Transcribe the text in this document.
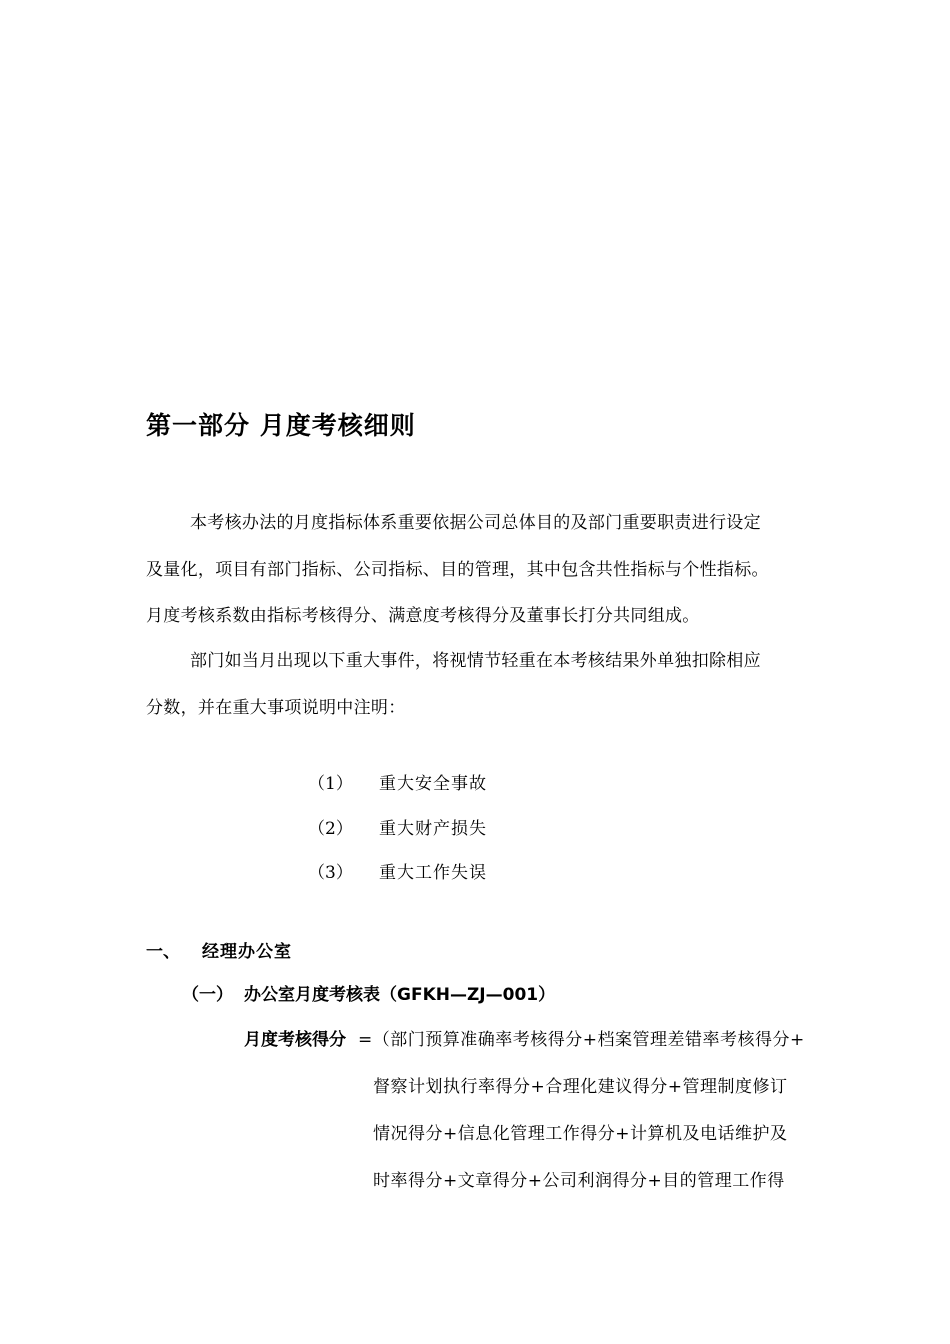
第一部分 月度考核细则
本考核办法的月度指标体系重要依据公司总体目的及部门重要职责进行设定
及量化，项目有部门指标、公司指标、目的管理，其中包含共性指标与个性指标。
月度考核系数由指标考核得分、满意度考核得分及董事长打分共同组成。
部门如当月出现以下重大事件，将视情节轻重在本考核结果外单独扣除相应
分数，并在重大事项说明中注明：
（1） 重大安全事故
（2） 重大财产损失
（3） 重大工作失误
一、 经理办公室
（一） 办公室月度考核表（GFKH—ZJ—001）
月度考核得分 =（部门预算准确率考核得分+档案管理差错率考核得分+
督察计划执行率得分+合理化建议得分+管理制度修订
情况得分+信息化管理工作得分+计算机及电话维护及
时率得分+文章得分+公司利润得分+目的管理工作得
